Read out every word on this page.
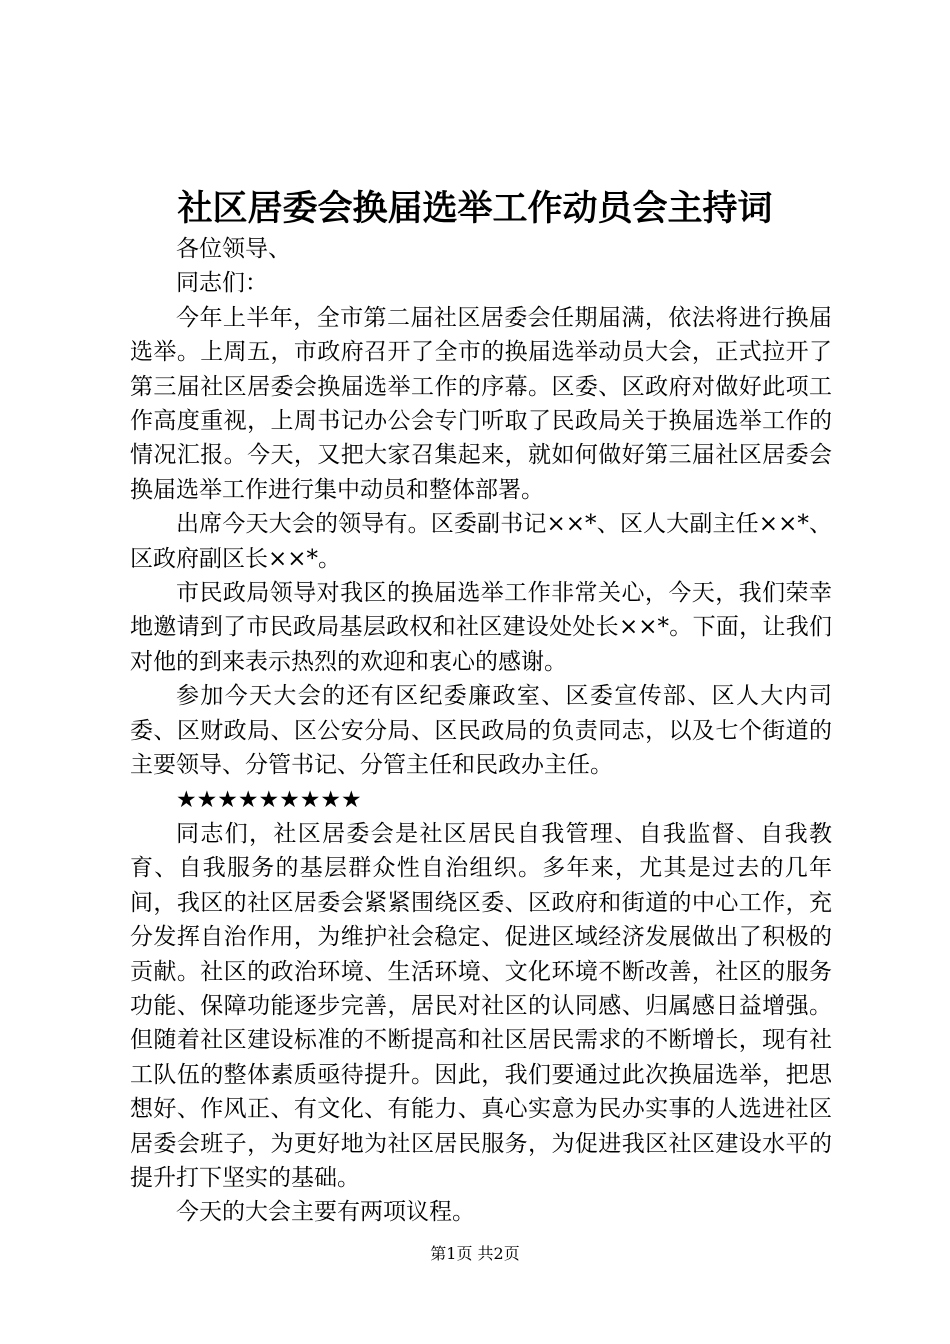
社区居委会换届选举工作动员会主持词

各位领导、

同志们：

今年上半年，全市第二届社区居委会任期届满，依法将进行换届选举。上周五，市政府召开了全市的换届选举动员大会，正式拉开了第三届社区居委会换届选举工作的序幕。区委、区政府对做好此项工作高度重视，上周书记办公会专门听取了民政局关于换届选举工作的情况汇报。今天，又把大家召集起来，就如何做好第三届社区居委会换届选举工作进行集中动员和整体部署。

出席今天大会的领导有。区委副书记××*、区人大副主任××*、区政府副区长××*。

市民政局领导对我区的换届选举工作非常关心，今天，我们荣幸地邀请到了市民政局基层政权和社区建设处处长××*。下面，让我们对他的到来表示热烈的欢迎和衷心的感谢。

参加今天大会的还有区纪委廉政室、区委宣传部、区人大内司委、区财政局、区公安分局、区民政局的负责同志，以及七个街道的主要领导、分管书记、分管主任和民政办主任。

★★★★★★★★★

同志们，社区居委会是社区居民自我管理、自我监督、自我教育、自我服务的基层群众性自治组织。多年来，尤其是过去的几年间，我区的社区居委会紧紧围绕区委、区政府和街道的中心工作，充分发挥自治作用，为维护社会稳定、促进区域经济发展做出了积极的贡献。社区的政治环境、生活环境、文化环境不断改善，社区的服务功能、保障功能逐步完善，居民对社区的认同感、归属感日益增强。但随着社区建设标准的不断提高和社区居民需求的不断增长，现有社工队伍的整体素质亟待提升。因此，我们要通过此次换届选举，把思想好、作风正、有文化、有能力、真心实意为民办实事的人选进社区居委会班子，为更好地为社区居民服务，为促进我区社区建设水平的提升打下坚实的基础。

今天的大会主要有两项议程。

第1页 共2页
